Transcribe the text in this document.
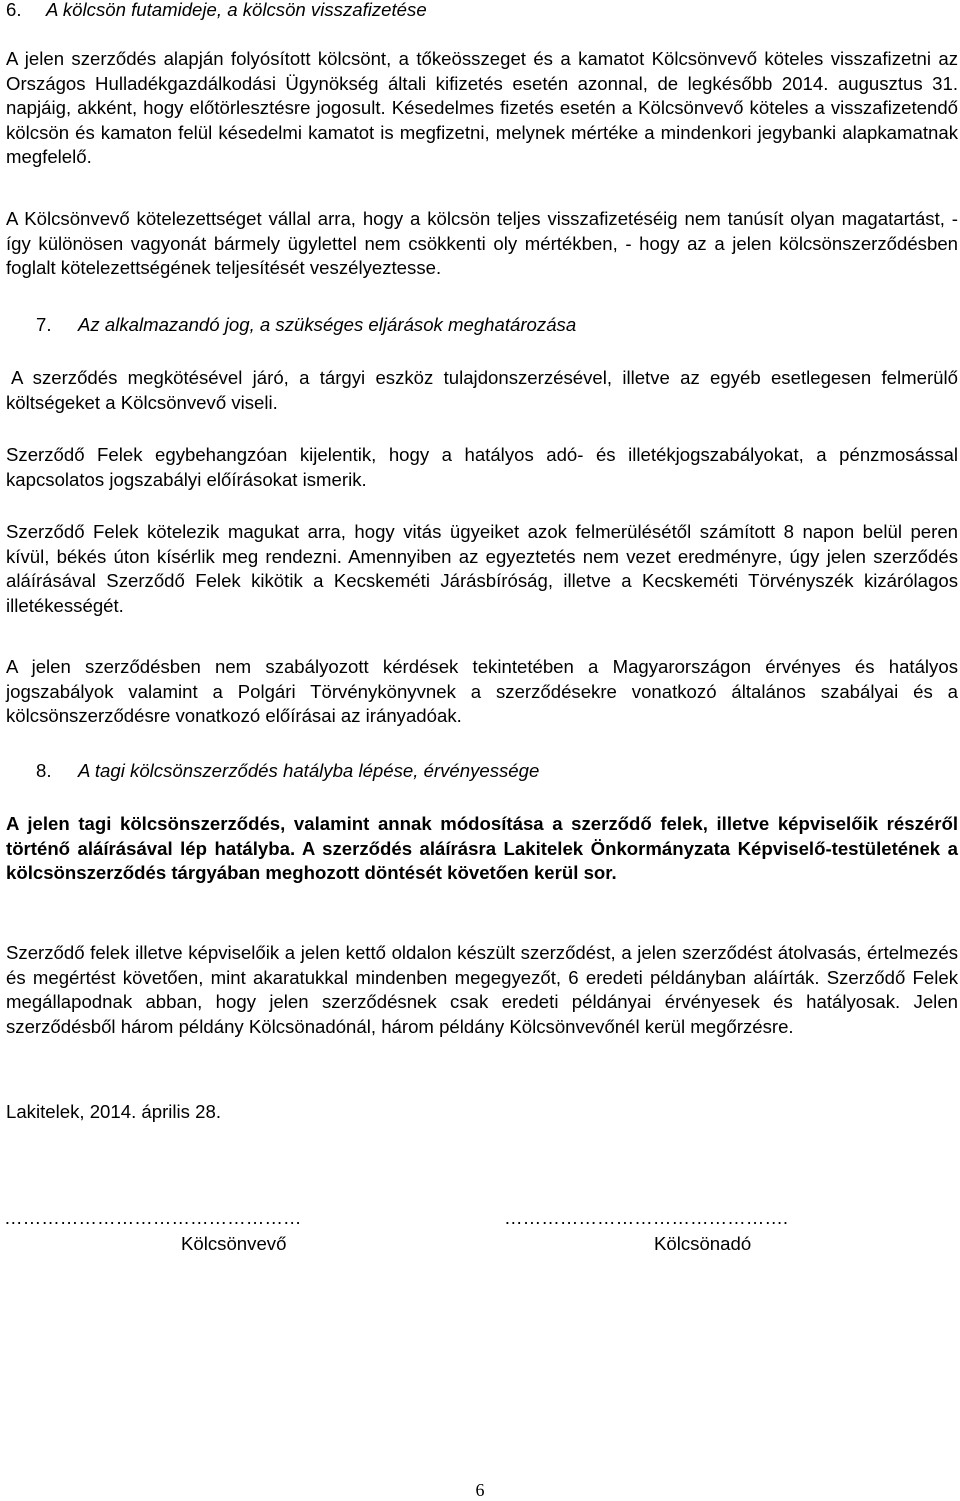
6.	A kölcsön futamideje, a kölcsön visszafizetése

A jelen szerződés alapján folyósított kölcsönt, a tőkeösszeget és a kamatot Kölcsönvevő köteles visszafizetni az Országos Hulladékgazdálkodási Ügynökség általi kifizetés esetén azonnal, de legkésőbb 2014. augusztus 31. napjáig, akként, hogy előtörlesztésre jogosult. Késedelmes fizetés esetén a Kölcsönvevő köteles a visszafizetendő kölcsön és kamaton felül késedelmi kamatot is megfizetni, melynek mértéke a mindenkori jegybanki alapkamatnak megfelelő.

A Kölcsönvevő kötelezettséget vállal arra, hogy a kölcsön teljes visszafizetéséig nem tanúsít olyan magatartást, - így különösen vagyonát bármely ügylettel nem csökkenti oly mértékben, - hogy az a jelen kölcsönszerződésben foglalt kötelezettségének teljesítését veszélyeztesse.

7.	Az alkalmazandó jog, a szükséges eljárások meghatározása

A szerződés megkötésével járó, a tárgyi eszköz tulajdonszerzésével, illetve az egyéb esetlegesen felmerülő költségeket a Kölcsönvevő viseli.

Szerződő Felek egybehangzóan kijelentik, hogy a hatályos adó- és illetékjogszabályokat, a pénzmosással kapcsolatos jogszabályi előírásokat ismerik.

Szerződő Felek kötelezik magukat arra, hogy vitás ügyeiket azok felmerülésétől számított 8 napon belül peren kívül, békés úton kísérlik meg rendezni. Amennyiben az egyeztetés nem vezet eredményre, úgy jelen szerződés aláírásával Szerződő Felek kikötik a Kecskeméti Járásbíróság, illetve a Kecskeméti Törvényszék kizárólagos illetékességét.

A jelen szerződésben nem szabályozott kérdések tekintetében a Magyarországon érvényes és hatályos jogszabályok valamint a Polgári Törvénykönyvnek a szerződésekre vonatkozó általános szabályai és a kölcsönszerződésre vonatkozó előírásai az irányadóak.

8.	A tagi kölcsönszerződés hatályba lépése, érvényessége

A jelen tagi kölcsönszerződés, valamint annak módosítása a szerződő felek, illetve képviselőik részéről történő aláírásával lép hatályba. A szerződés aláírásra Lakitelek Önkormányzata Képviselő-testületének a kölcsönszerződés tárgyában meghozott döntését követően kerül sor.

Szerződő felek illetve képviselőik a jelen kettő oldalon készült szerződést, a jelen szerződést átolvasás, értelmezés és megértést követően, mint akaratukkal mindenben megegyezőt, 6 eredeti példányban aláírták. Szerződő Felek megállapodnak abban, hogy jelen szerződésnek csak eredeti példányai érvényesek és hatályosak. Jelen szerződésből három példány Kölcsönadónál, három példány Kölcsönvevőnél kerül megőrzésre.

Lakitelek, 2014. április 28.

…………………………………………	……………………………………….
Kölcsönvevő	Kölcsönadó
6
